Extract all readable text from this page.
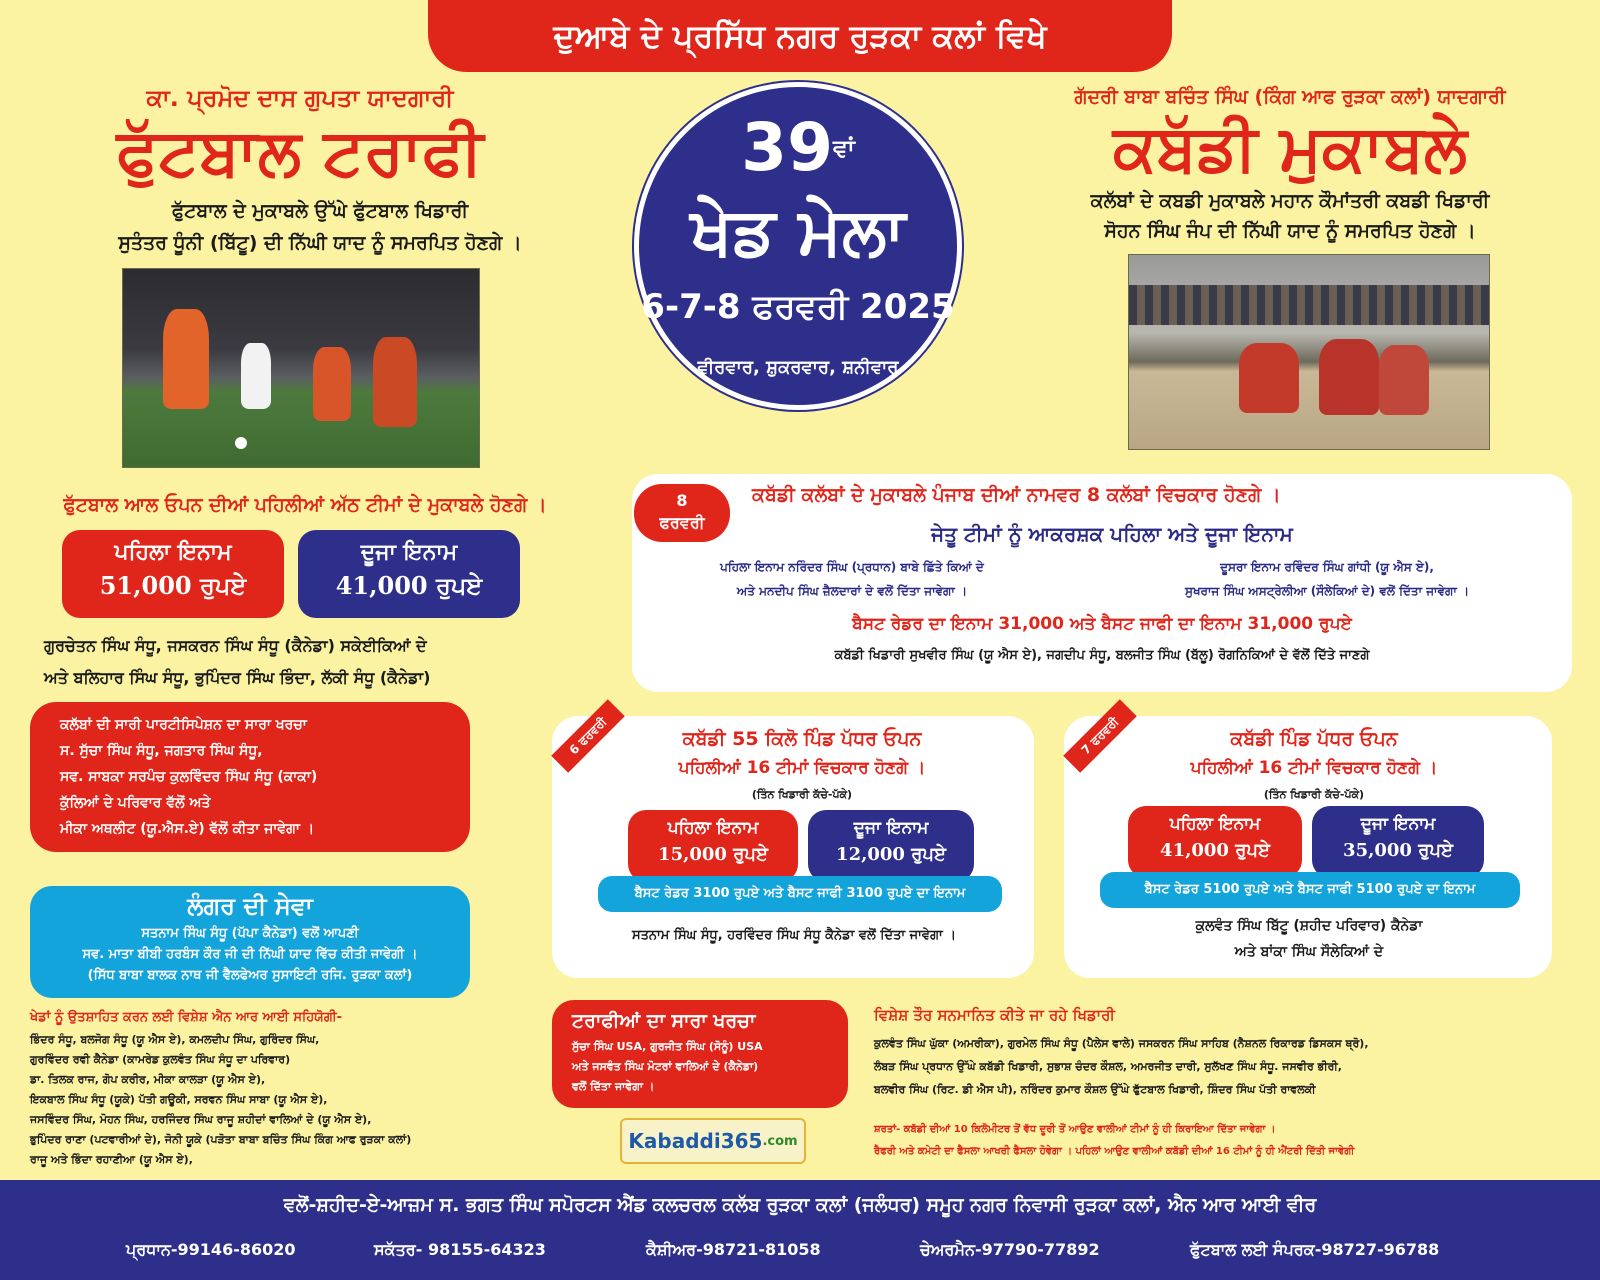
ਦੁਆਬੇ ਦੇ ਪ੍ਰਸਿੱਧ ਨਗਰ ਰੁੜਕਾ ਕਲਾਂ ਵਿਖੇ
ਕਾ. ਪ੍ਰਮੋਦ ਦਾਸ ਗੁਪਤਾ ਯਾਦਗਾਰੀ
ਫੁੱਟਬਾਲ ਟਰਾਫੀ
ਫੁੱਟਬਾਲ ਦੇ ਮੁਕਾਬਲੇ ਉੱਘੇ ਫੁੱਟਬਾਲ ਖਿਡਾਰੀ
ਸੁਤੰਤਰ ਧੂੰਨੀ (ਬਿੱਟੂ) ਦੀ ਨਿੱਘੀ ਯਾਦ ਨੂੰ ਸਮਰਪਿਤ ਹੋਣਗੇ ।
$39^{ਵਾਂ}$
ਖੇਡ ਮੇਲਾ
6-7-8 ਫਰਵਰੀ 2025
ਵੀਰਵਾਰ, ਸ਼ੁਕਰਵਾਰ, ਸ਼ਨੀਵਾਰ
ਗੱਦਰੀ ਬਾਬਾ ਬਚਿੰਤ ਸਿੰਘ (ਕਿੰਗ ਆਫ ਰੁੜਕਾ ਕਲਾਂ) ਯਾਦਗਾਰੀ
ਕਬੱਡੀ ਮੁਕਾਬਲੇ
ਕਲੱਬਾਂ ਦੇ ਕਬਡੀ ਮੁਕਾਬਲੇ ਮਹਾਨ ਕੌਮਾਂਤਰੀ ਕਬਡੀ ਖਿਡਾਰੀ
ਸੋਹਨ ਸਿੰਘ ਜੰਪ ਦੀ ਨਿੱਘੀ ਯਾਦ ਨੂੰ ਸਮਰਪਿਤ ਹੋਣਗੇ ।
ਫੁੱਟਬਾਲ ਆਲ ਓਪਨ ਦੀਆਂ ਪਹਿਲੀਆਂ ਅੱਠ ਟੀਮਾਂ ਦੇ ਮੁਕਾਬਲੇ ਹੋਣਗੇ ।
ਪਹਿਲਾ ਇਨਾਮ
51,000 ਰੁਪਏ
ਦੂਜਾ ਇਨਾਮ
41,000 ਰੁਪਏ
ਗੁਰਚੇਤਨ ਸਿੰਘ ਸੰਧੂ, ਜਸਕਰਨ ਸਿੰਘ ਸੰਧੂ (ਕੈਨੇਡਾ) ਸਕੇਈਕਿਆਂ ਦੇ
ਅਤੇ ਬਲਿਹਾਰ ਸਿੰਘ ਸੰਧੂ, ਭੁਪਿੰਦਰ ਸਿੰਘ ਭਿੰਦਾ, ਲੱਕੀ ਸੰਧੂ (ਕੈਨੇਡਾ)
8
ਫਰਵਰੀ
ਕਬੱਡੀ ਕਲੱਬਾਂ ਦੇ ਮੁਕਾਬਲੇ ਪੰਜਾਬ ਦੀਆਂ ਨਾਮਵਰ 8 ਕਲੱਬਾਂ ਵਿਚਕਾਰ ਹੋਣਗੇ ।
ਜੇਤੂ ਟੀਮਾਂ ਨੂੰ ਆਕਰਸ਼ਕ ਪਹਿਲਾ ਅਤੇ ਦੂਜਾ ਇਨਾਮ
ਪਹਿਲਾ ਇਨਾਮ ਨਰਿੰਦਰ ਸਿੰਘ (ਪ੍ਰਧਾਨ) ਬਾਬੇ ਛਿੱਤੇ ਕਿਆਂ ਦੇ
ਅਤੇ ਮਨਦੀਪ ਸਿੰਘ ਜ਼ੈਲਦਾਰਾਂ ਦੇ ਵਲੋਂ ਦਿੱਤਾ ਜਾਵੇਗਾ ।
ਦੂਸਰਾ ਇਨਾਮ ਰਵਿੰਦਰ ਸਿੰਘ ਗਾਂਧੀ (ਯੂ ਐਸ ਏ),
ਸੁਖਰਾਜ ਸਿੰਘ ਅਸਟ੍ਰੇਲੀਆ (ਸੌਲੇਕਿਆਂ ਦੇ) ਵਲੋਂ ਦਿੱਤਾ ਜਾਵੇਗਾ ।
ਬੈਸਟ ਰੇਡਰ ਦਾ ਇਨਾਮ 31,000 ਅਤੇ ਬੈਸਟ ਜਾਫੀ ਦਾ ਇਨਾਮ 31,000 ਰੁਪਏ
ਕਬੱਡੀ ਖਿਡਾਰੀ ਸੁਖਵੀਰ ਸਿੰਘ (ਯੂ ਐਸ ਏ), ਜਗਦੀਪ ਸੰਧੂ, ਬਲਜੀਤ ਸਿੰਘ (ਬੱਲੂ) ਰੋਗਨਿਕਿਆਂ ਦੇ ਵੱਲੋਂ ਦਿੱਤੇ ਜਾਣਗੇ
ਕਲੱਬਾਂ ਦੀ ਸਾਰੀ ਪਾਰਟੀਸਿਪੇਸ਼ਨ ਦਾ ਸਾਰਾ ਖਰਚਾ
ਸ. ਸੁੱਚਾ ਸਿੰਘ ਸੰਧੂ, ਜਗਤਾਰ ਸਿੰਘ ਸੰਧੂ,
ਸਵ. ਸਾਬਕਾ ਸਰਪੰਚ ਕੁਲਵਿੰਦਰ ਸਿੰਘ ਸੰਧੂ (ਕਾਕਾ)
ਕੁੱਲਿਆਂ ਦੇ ਪਰਿਵਾਰ ਵੱਲੋਂ ਅਤੇ
ਮੀਕਾ ਅਥਲੀਟ (ਯੂ.ਐਸ.ਏ) ਵੱਲੋਂ ਕੀਤਾ ਜਾਵੇਗਾ ।
ਲੰਗਰ ਦੀ ਸੇਵਾ
ਸਤਨਾਮ ਸਿੰਘ ਸੰਧੂ (ਪੱਪਾ ਕੈਨੇਡਾ) ਵਲੋਂ ਆਪਣੀ
ਸਵ. ਮਾਤਾ ਬੀਬੀ ਹਰਬੰਸ ਕੌਰ ਜੀ ਦੀ ਨਿੱਘੀ ਯਾਦ ਵਿੱਚ ਕੀਤੀ ਜਾਵੇਗੀ ।
(ਸਿੱਧ ਬਾਬਾ ਬਾਲਕ ਨਾਥ ਜੀ ਵੈਲਫੇਅਰ ਸੁਸਾਇਟੀ ਰਜਿ. ਰੁੜਕਾ ਕਲਾਂ)
6 ਫਰਵਰੀ	ਕਬੱਡੀ 55 ਕਿਲੋ ਪਿੰਡ ਪੱਧਰ ਓਪਨ
ਪਹਿਲੀਆਂ 16 ਟੀਮਾਂ ਵਿਚਕਾਰ ਹੋਣਗੇ ।
(ਤਿੰਨ ਖਿਡਾਰੀ ਕੱਚੇ-ਪੱਕੇ)
ਪਹਿਲਾ ਇਨਾਮ
15,000 ਰੁਪਏ
ਦੂਜਾ ਇਨਾਮ
12,000 ਰੁਪਏ
ਬੈਸਟ ਰੇਡਰ 3100 ਰੁਪਏ ਅਤੇ ਬੈਸਟ ਜਾਫੀ 3100 ਰੁਪਏ ਦਾ ਇਨਾਮ
ਸਤਨਾਮ ਸਿੰਘ ਸੰਧੂ, ਹਰਵਿੰਦਰ ਸਿੰਘ ਸੰਧੂ ਕੈਨੇਡਾ ਵਲੋਂ ਦਿੱਤਾ ਜਾਵੇਗਾ ।
7 ਫਰਵਰੀ	ਕਬੱਡੀ ਪਿੰਡ ਪੱਧਰ ਓਪਨ
ਪਹਿਲੀਆਂ 16 ਟੀਮਾਂ ਵਿਚਕਾਰ ਹੋਣਗੇ ।
(ਤਿੰਨ ਖਿਡਾਰੀ ਕੱਚੇ-ਪੱਕੇ)
ਪਹਿਲਾ ਇਨਾਮ
41,000 ਰੁਪਏ
ਦੂਜਾ ਇਨਾਮ
35,000 ਰੁਪਏ
ਬੈਸਟ ਰੇਡਰ 5100 ਰੁਪਏ ਅਤੇ ਬੈਸਟ ਜਾਫੀ 5100 ਰੁਪਏ ਦਾ ਇਨਾਮ
ਕੁਲਵੰਤ ਸਿੰਘ ਬਿੱਟੂ (ਸ਼ਹੀਦ ਪਰਿਵਾਰ) ਕੈਨੇਡਾ
ਅਤੇ ਬਾਂਕਾ ਸਿੰਘ ਸੌਲੇਕਿਆਂ ਦੇ
ਖੇਡਾਂ ਨੂੰ ਉਤਸ਼ਾਹਿਤ ਕਰਨ ਲਈ ਵਿਸ਼ੇਸ਼ ਐਨ ਆਰ ਆਈ ਸਹਿਯੋਗੀ-
ਭਿੰਦਰ ਸੰਧੂ, ਬਲਜੋਗ ਸੰਧੂ (ਯੂ ਐਸ ਏ), ਕਮਲਦੀਪ ਸਿੰਘ, ਗੁਰਿੰਦਰ ਸਿੰਘ,
ਗੁਰਵਿੰਦਰ ਰਵੀ ਕੈਨੇਡਾ (ਕਾਮਰੇਡ ਕੁਲਵੰਤ ਸਿੰਘ ਸੰਧੂ ਦਾ ਪਰਿਵਾਰ)
ਡਾ. ਤਿਲਕ ਰਾਜ, ਗੋਪ ਕਰੀਰ, ਮੀਕਾ ਕਾਲੜਾ (ਯੂ ਐਸ ਏ),
ਇਕਬਾਲ ਸਿੰਘ ਸੰਧੂ (ਯੂਕੇ) ਪੱਤੀ ਗਊਕੀ, ਸਰਵਨ ਸਿੰਘ ਸਾਬਾ (ਯੂ ਐਸ ਏ),
ਜਸਵਿੰਦਰ ਸਿੰਘ, ਮੋਹਨ ਸਿੰਘ, ਹਰਜਿੰਦਰ ਸਿੰਘ ਰਾਜੂ ਸ਼ਹੀਦਾਂ ਵਾਲਿਆਂ ਦੇ (ਯੂ ਐਸ ਏ),
ਭੁਪਿੰਦਰ ਰਾਣਾ (ਪਟਵਾਰੀਆਂ ਦੇ), ਜੋਨੀ ਯੂਕੇ (ਪੜੋਤਾ ਬਾਬਾ ਬਚਿੰਤ ਸਿੰਘ ਕਿੰਗ ਆਫ ਰੁੜਕਾ ਕਲਾਂ)
ਰਾਜੂ ਅਤੇ ਭਿੰਦਾ ਰਹਾਣੀਆ (ਯੂ ਐਸ ਏ),
ਟਰਾਫੀਆਂ ਦਾ ਸਾਰਾ ਖਰਚਾ
ਸੁੱਚਾ ਸਿੰਘ USA, ਗੁਰਜੀਤ ਸਿੰਘ (ਸੋਨੂੰ) USA
ਅਤੇ ਜਸਵੰਤ ਸਿੰਘ ਮੋਟਰਾਂ ਵਾਲਿਆਂ ਦੇ (ਕੈਨੇਡਾ)
ਵਲੋਂ ਦਿੱਤਾ ਜਾਵੇਗਾ ।
Kabaddi365 .com
ਵਿਸ਼ੇਸ਼ ਤੌਰ ਸਨਮਾਨਿਤ ਕੀਤੇ ਜਾ ਰਹੇ ਖਿਡਾਰੀ
ਕੁਲਵੰਤ ਸਿੰਘ ਘੁੱਕਾ (ਅਮਰੀਕਾ), ਗੁਰਮੇਲ ਸਿੰਘ ਸੰਧੂ (ਪੈਲੇਸ ਵਾਲੇ) ਜਸਕਰਨ ਸਿੰਘ ਸਾਹਿਬ (ਨੈਸ਼ਨਲ ਰਿਕਾਰਡ ਡਿਸਕਸ ਥ੍ਰੋ),
ਲੰਬੜ ਸਿੰਘ ਪ੍ਰਧਾਨ ਉੱਘੇ ਕਬੱਡੀ ਖਿਡਾਰੀ, ਸੁਭਾਸ਼ ਚੰਦਰ ਕੌਸ਼ਲ, ਅਮਰਜੀਤ ਦਾਰੀ, ਸੁਲੱਖਣ ਸਿੰਘ ਸੰਧੂ. ਜਸਵੀਰ ਭੀਰੀ,
ਬਲਵੀਰ ਸਿੰਘ (ਰਿਟ. ਡੀ ਐਸ ਪੀ), ਨਰਿੰਦਰ ਕੁਮਾਰ ਕੌਸ਼ਲ ਉੱਘੇ ਫੁੱਟਬਾਲ ਖਿਡਾਰੀ, ਸ਼ਿੰਦਰ ਸਿੰਘ ਪੱਤੀ ਰਾਵਲਕੀ
ਸ਼ਰਤਾਂ- ਕਬੱਡੀ ਦੀਆਂ 10 ਕਿਲੋਮੀਟਰ ਤੋਂ ਵੱਧ ਦੂਰੀ ਤੋਂ ਆਉਣ ਵਾਲੀਆਂ ਟੀਮਾਂ ਨੂੰ ਹੀ ਕਿਰਾਇਆ ਦਿੱਤਾ ਜਾਵੇਗਾ ।
ਰੈਫਰੀ ਅਤੇ ਕਮੇਟੀ ਦਾ ਫੈਸਲਾ ਆਖਰੀ ਫੈਸਲਾ ਹੋਵੇਗਾ । ਪਹਿਲਾਂ ਆਉਣ ਵਾਲੀਆਂ ਕਬੱਡੀ ਦੀਆਂ 16 ਟੀਮਾਂ ਨੂੰ ਹੀ ਐਂਟਰੀ ਦਿੱਤੀ ਜਾਵੇਗੀ
ਵਲੋਂ-ਸ਼ਹੀਦ-ਏ-ਆਜ਼ਮ ਸ. ਭਗਤ ਸਿੰਘ ਸਪੋਰਟਸ ਐਂਡ ਕਲਚਰਲ ਕਲੱਬ ਰੁੜਕਾ ਕਲਾਂ (ਜਲੰਧਰ) ਸਮੂਹ ਨਗਰ ਨਿਵਾਸੀ ਰੁੜਕਾ ਕਲਾਂ, ਐਨ ਆਰ ਆਈ ਵੀਰ
ਪ੍ਰਧਾਨ-99146-86020	ਸਕੱਤਰ- 98155-64323	ਕੈਸ਼ੀਅਰ-98721-81058	ਚੇਅਰਮੈਨ-97790-77892	ਫੁੱਟਬਾਲ ਲਈ ਸੰਪਰਕ-98727-96788
